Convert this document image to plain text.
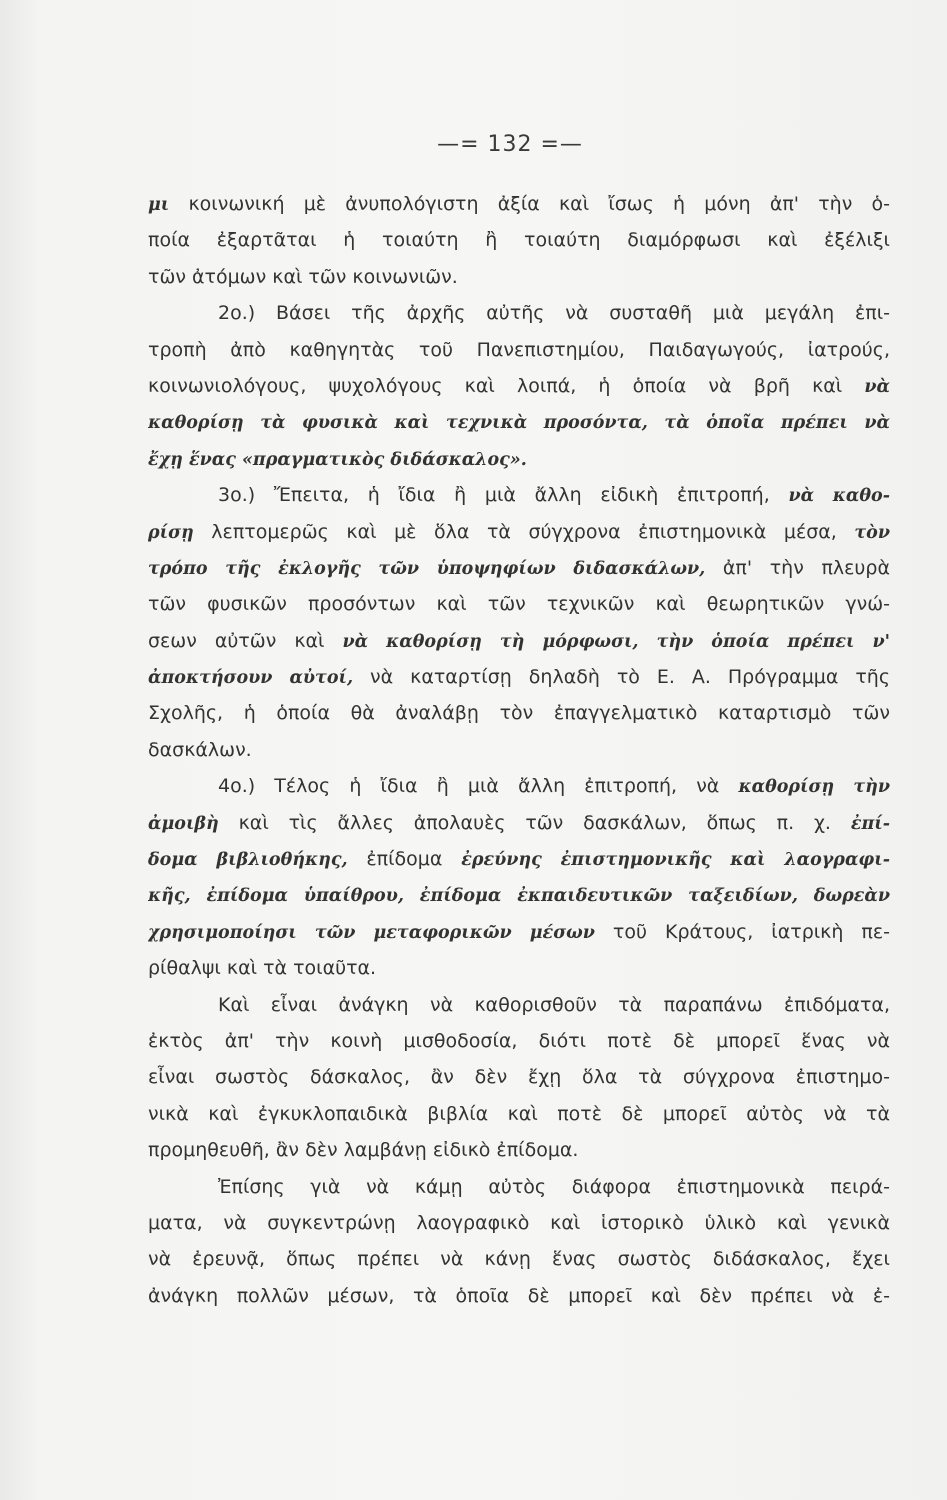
—= 132 =—
μι κοινωνική μὲ ἀνυπολόγιστη ἀξία καὶ ἴσως ἡ μόνη ἀπ' τὴν ὁ-
ποία ἐξαρτᾶται ἡ τοιαύτη ἢ τοιαύτη διαμόρφωσι καὶ ἐξέλιξι
τῶν ἀτόμων καὶ τῶν κοινωνιῶν.
2ο.) Βάσει τῆς ἀρχῆς αὐτῆς νὰ συσταθῆ μιὰ μεγάλη ἐπι-
τροπὴ ἀπὸ καθηγητὰς τοῦ Πανεπιστημίου, Παιδαγωγούς, ἰατρούς,
κοινωνιολόγους, ψυχολόγους καὶ λοιπά, ἡ ὁποία νὰ βρῆ καὶ νὰ
καθορίσῃ τὰ φυσικὰ καὶ τεχνικὰ προσόντα, τὰ ὁποῖα πρέπει νὰ
ἔχῃ ἕνας «πραγματικὸς διδάσκαλος».
3ο.) Ἔπειτα, ἡ ἴδια ἢ μιὰ ἄλλη εἰδικὴ ἐπιτροπή, νὰ καθο-
ρίσῃ λεπτομερῶς καὶ μὲ ὅλα τὰ σύγχρονα ἐπιστημονικὰ μέσα, τὸν
τρόπο τῆς ἐκλογῆς τῶν ὑποψηφίων διδασκάλων, ἀπ' τὴν πλευρὰ
τῶν φυσικῶν προσόντων καὶ τῶν τεχνικῶν καὶ θεωρητικῶν γνώ-
σεων αὐτῶν καὶ νὰ καθορίσῃ τὴ μόρφωσι, τὴν ὁποία πρέπει ν'
ἀποκτήσουν αὐτοί, νὰ καταρτίσῃ δηλαδὴ τὸ Ε. Α. Πρόγραμμα τῆς
Σχολῆς, ἡ ὁποία θὰ ἀναλάβῃ τὸν ἐπαγγελματικὸ καταρτισμὸ τῶν
δασκάλων.
4ο.) Τέλος ἡ ἴδια ἢ μιὰ ἄλλη ἐπιτροπή, νὰ καθορίσῃ τὴν
ἀμοιβὴ καὶ τὶς ἄλλες ἀπολαυὲς τῶν δασκάλων, ὅπως π. χ. ἐπί-
δομα βιβλιοθήκης, ἐπίδομα ἐρεύνης ἐπιστημονικῆς καὶ λαογραφι-
κῆς, ἐπίδομα ὑπαίθρου, ἐπίδομα ἐκπαιδευτικῶν ταξειδίων, δωρεὰν
χρησιμοποίησι τῶν μεταφορικῶν μέσων τοῦ Κράτους, ἰατρικὴ πε-
ρίθαλψι καὶ τὰ τοιαῦτα.
Καὶ εἶναι ἀνάγκη νὰ καθορισθοῦν τὰ παραπάνω ἐπιδόματα,
ἐκτὸς ἀπ' τὴν κοινὴ μισθοδοσία, διότι ποτὲ δὲ μπορεῖ ἕνας νὰ
εἶναι σωστὸς δάσκαλος, ἂν δὲν ἔχῃ ὅλα τὰ σύγχρονα ἐπιστημο-
νικὰ καὶ ἐγκυκλοπαιδικὰ βιβλία καὶ ποτὲ δὲ μπορεῖ αὐτὸς νὰ τὰ
προμηθευθῆ, ἂν δὲν λαμβάνῃ εἰδικὸ ἐπίδομα.
Ἐπίσης γιὰ νὰ κάμῃ αὐτὸς διάφορα ἐπιστημονικὰ πειρά-
ματα, νὰ συγκεντρώνῃ λαογραφικὸ καὶ ἱστορικὸ ὑλικὸ καὶ γενικὰ
νὰ ἐρευνᾷ, ὅπως πρέπει νὰ κάνῃ ἕνας σωστὸς διδάσκαλος, ἔχει
ἀνάγκη πολλῶν μέσων, τὰ ὁποῖα δὲ μπορεῖ καὶ δὲν πρέπει νὰ ἐ-
